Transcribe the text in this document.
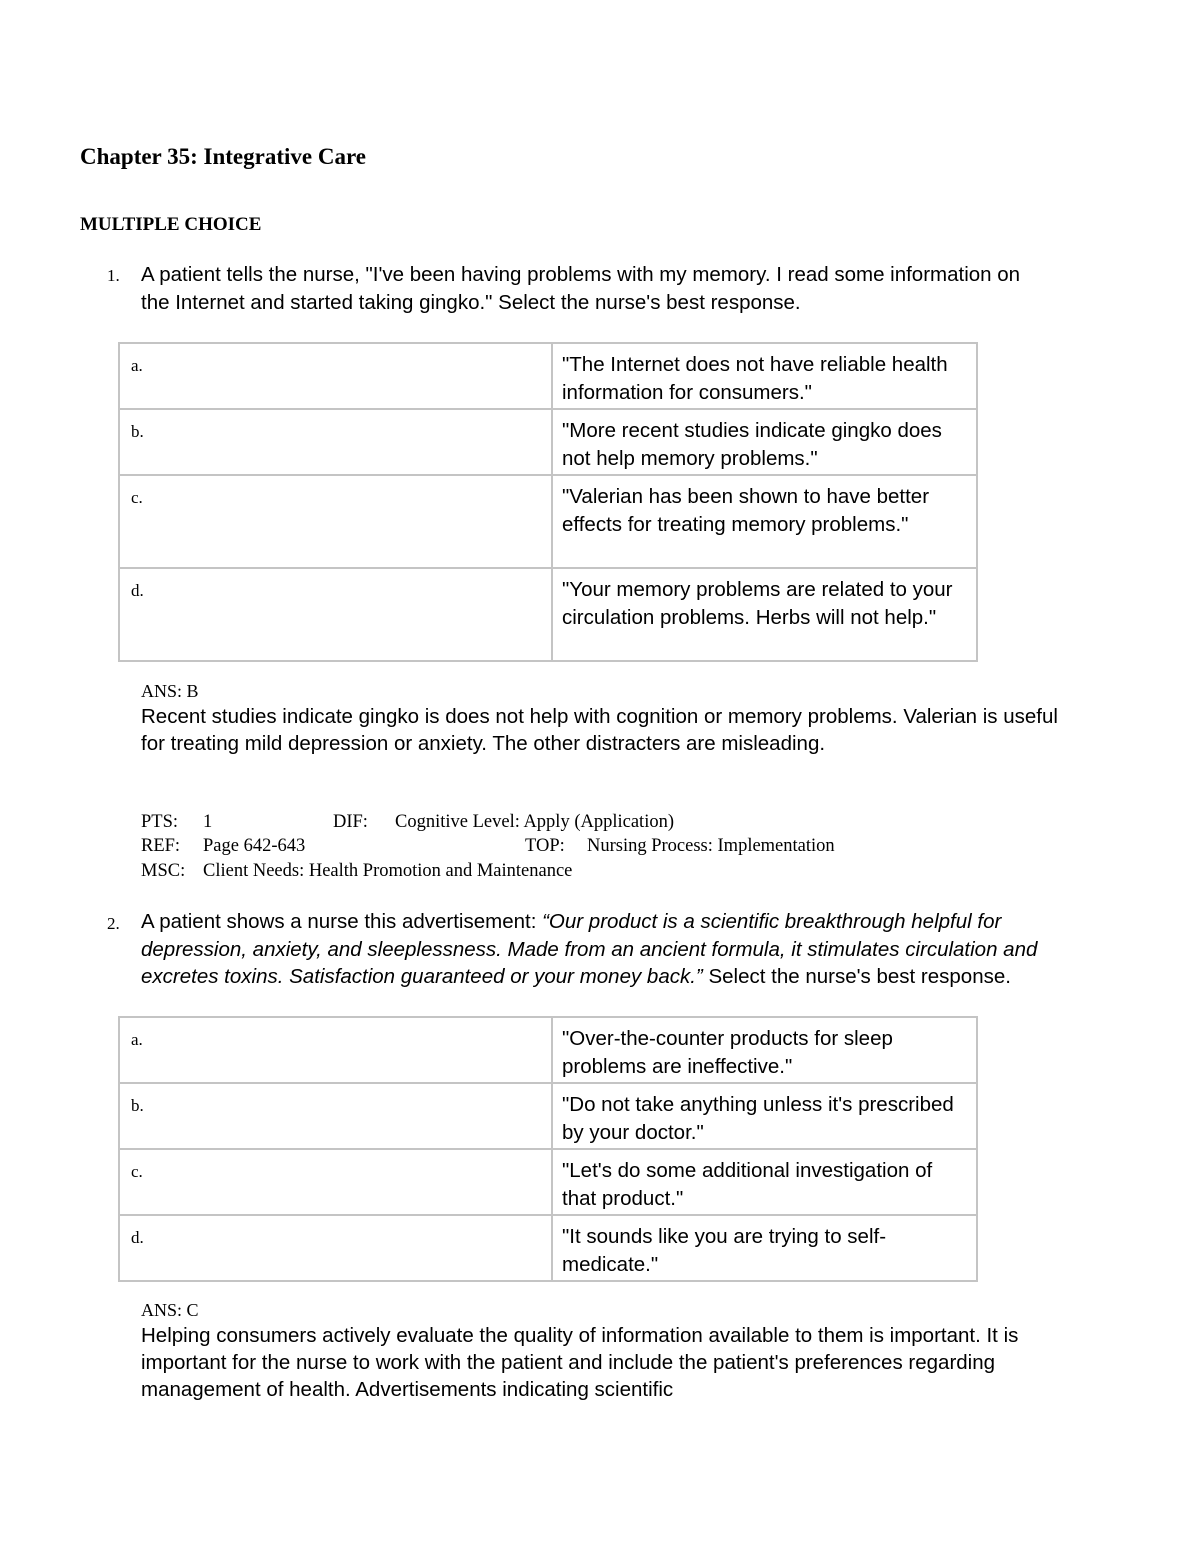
Chapter 35: Integrative Care
MULTIPLE CHOICE
1. A patient tells the nurse, "I've been having problems with my memory. I read some information on the Internet and started taking gingko." Select the nurse's best response.

a.	"The Internet does not have reliable health information for consumers."
b.	"More recent studies indicate gingko does not help memory problems."
c.	"Valerian has been shown to have better effects for treating memory problems."
d.	"Your memory problems are related to your circulation problems. Herbs will not help."
ANS: B

Recent studies indicate gingko is does not help with cognition or memory problems. Valerian is useful for treating mild depression or anxiety. The other distracters are misleading.

PTS: 1	DIF: Cognitive Level: Apply (Application)
REF: Page 642-643	TOP: Nursing Process: Implementation
MSC: Client Needs: Health Promotion and Maintenance
2. A patient shows a nurse this advertisement: “Our product is a scientific breakthrough helpful for depression, anxiety, and sleeplessness. Made from an ancient formula, it stimulates circulation and excretes toxins. Satisfaction guaranteed or your money back.” Select the nurse's best response.

a.	"Over-the-counter products for sleep problems are ineffective."
b.	"Do not take anything unless it's prescribed by your doctor."
c.	"Let's do some additional investigation of that product."
d.	"It sounds like you are trying to self-medicate."
ANS: C

Helping consumers actively evaluate the quality of information available to them is important. It is important for the nurse to work with the patient and include the patient's preferences regarding management of health. Advertisements indicating scientific
